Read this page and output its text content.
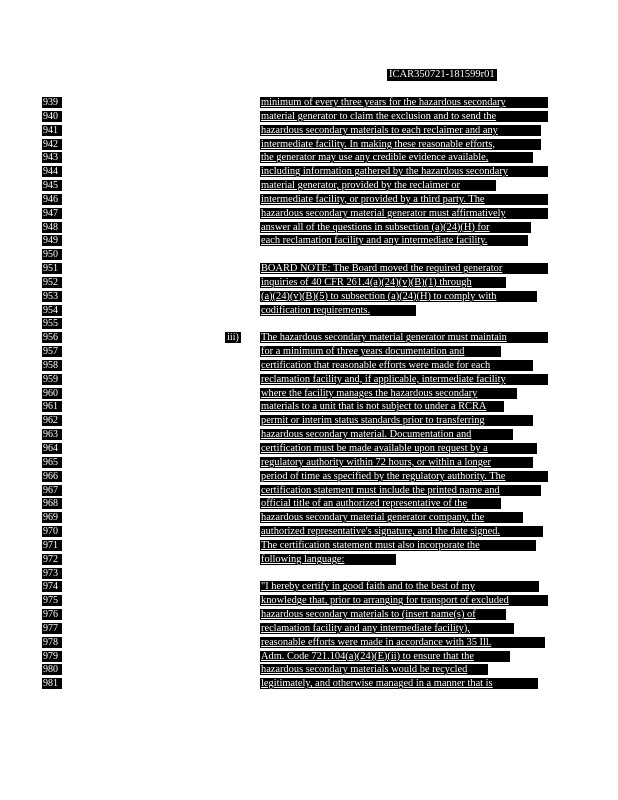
ICAR350721-181599r01
939
940
941
942
943
944
945
946
947
948
949
950
951
952
953
954
955
956
957
958
959
960
961
962
963
964
965
966
967
968
969
970
971
972
973
974
975
976
977
978
979
980
981
iii)
minimum of every three years for the hazardous secondary
material generator to claim the exclusion and to send the
hazardous secondary materials to each reclaimer and any
intermediate facility. In making these reasonable efforts,
the generator may use any credible evidence available,
including information gathered by the hazardous secondary
material generator, provided by the reclaimer or
intermediate facility, or provided by a third party. The
hazardous secondary material generator must affirmatively
answer all of the questions in subsection (a)(24)(H) for
each reclamation facility and any intermediate facility.
BOARD NOTE: The Board moved the required generator
inquiries of 40 CFR 261.4(a)(24)(v)(B)(1) through
(a)(24)(v)(B)(5) to subsection (a)(24)(H) to comply with
codification requirements.
The hazardous secondary material generator must maintain
for a minimum of three years documentation and
certification that reasonable efforts were made for each
reclamation facility and, if applicable, intermediate facility
where the facility manages the hazardous secondary
materials to a unit that is not subject to under a RCRA
permit or interim status standards prior to transferring
hazardous secondary material. Documentation and
certification must be made available upon request by a
regulatory authority within 72 hours, or within a longer
period of time as specified by the regulatory authority. The
certification statement must include the printed name and
official title of an authorized representative of the
hazardous secondary material generator company, the
authorized representative's signature, and the date signed.
The certification statement must also incorporate the
following language:
"I hereby certify in good faith and to the best of my
knowledge that, prior to arranging for transport of excluded
hazardous secondary materials to (insert name(s) of
reclamation facility and any intermediate facility),
reasonable efforts were made in accordance with 35 Ill.
Adm. Code 721.104(a)(24)(E)(ii) to ensure that the
hazardous secondary materials would be recycled
legitimately, and otherwise managed in a manner that is
